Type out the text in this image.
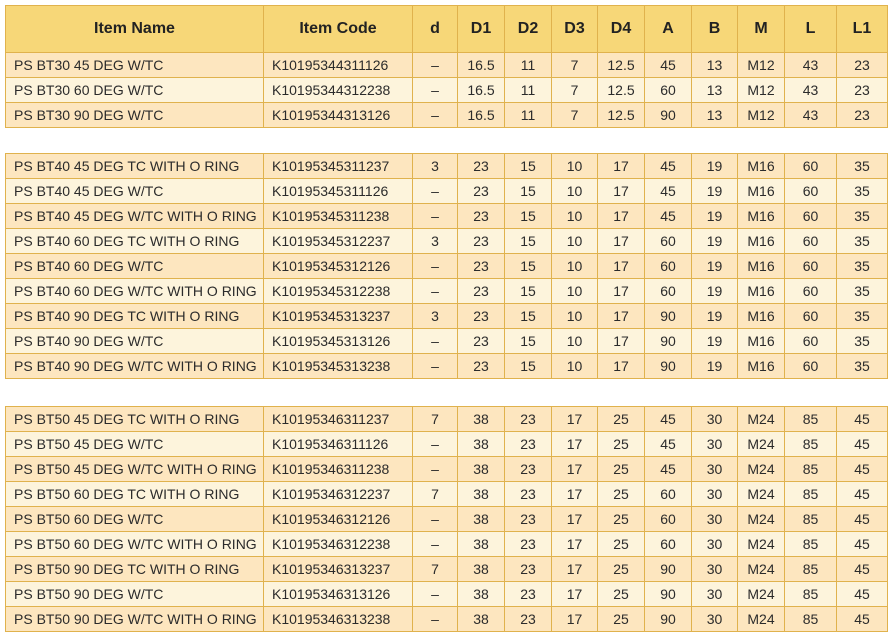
Item Name	Item Code	d	D1	D2	D3	D4	A	B	M	L	L1
PS BT30 45 DEG W/TC	K10195344311126	–	16.5	11	7	12.5	45	13	M12	43	23
PS BT30 60 DEG W/TC	K10195344312238	–	16.5	11	7	12.5	60	13	M12	43	23
PS BT30 90 DEG W/TC	K10195344313126	–	16.5	11	7	12.5	90	13	M12	43	23
PS BT40 45 DEG TC WITH O RING	K10195345311237	3	23	15	10	17	45	19	M16	60	35
PS BT40 45 DEG W/TC	K10195345311126	–	23	15	10	17	45	19	M16	60	35
PS BT40 45 DEG W/TC WITH O RING	K10195345311238	–	23	15	10	17	45	19	M16	60	35
PS BT40 60 DEG TC WITH O RING	K10195345312237	3	23	15	10	17	60	19	M16	60	35
PS BT40 60 DEG W/TC	K10195345312126	–	23	15	10	17	60	19	M16	60	35
PS BT40 60 DEG W/TC WITH O RING	K10195345312238	–	23	15	10	17	60	19	M16	60	35
PS BT40 90 DEG TC WITH O RING	K10195345313237	3	23	15	10	17	90	19	M16	60	35
PS BT40 90 DEG W/TC	K10195345313126	–	23	15	10	17	90	19	M16	60	35
PS BT40 90 DEG W/TC WITH O RING	K10195345313238	–	23	15	10	17	90	19	M16	60	35
PS BT50 45 DEG TC WITH O RING	K10195346311237	7	38	23	17	25	45	30	M24	85	45
PS BT50 45 DEG W/TC	K10195346311126	–	38	23	17	25	45	30	M24	85	45
PS BT50 45 DEG W/TC WITH O RING	K10195346311238	–	38	23	17	25	45	30	M24	85	45
PS BT50 60 DEG TC WITH O RING	K10195346312237	7	38	23	17	25	60	30	M24	85	45
PS BT50 60 DEG W/TC	K10195346312126	–	38	23	17	25	60	30	M24	85	45
PS BT50 60 DEG W/TC WITH O RING	K10195346312238	–	38	23	17	25	60	30	M24	85	45
PS BT50 90 DEG TC WITH O RING	K10195346313237	7	38	23	17	25	90	30	M24	85	45
PS BT50 90 DEG W/TC	K10195346313126	–	38	23	17	25	90	30	M24	85	45
PS BT50 90 DEG W/TC WITH O RING	K10195346313238	–	38	23	17	25	90	30	M24	85	45
